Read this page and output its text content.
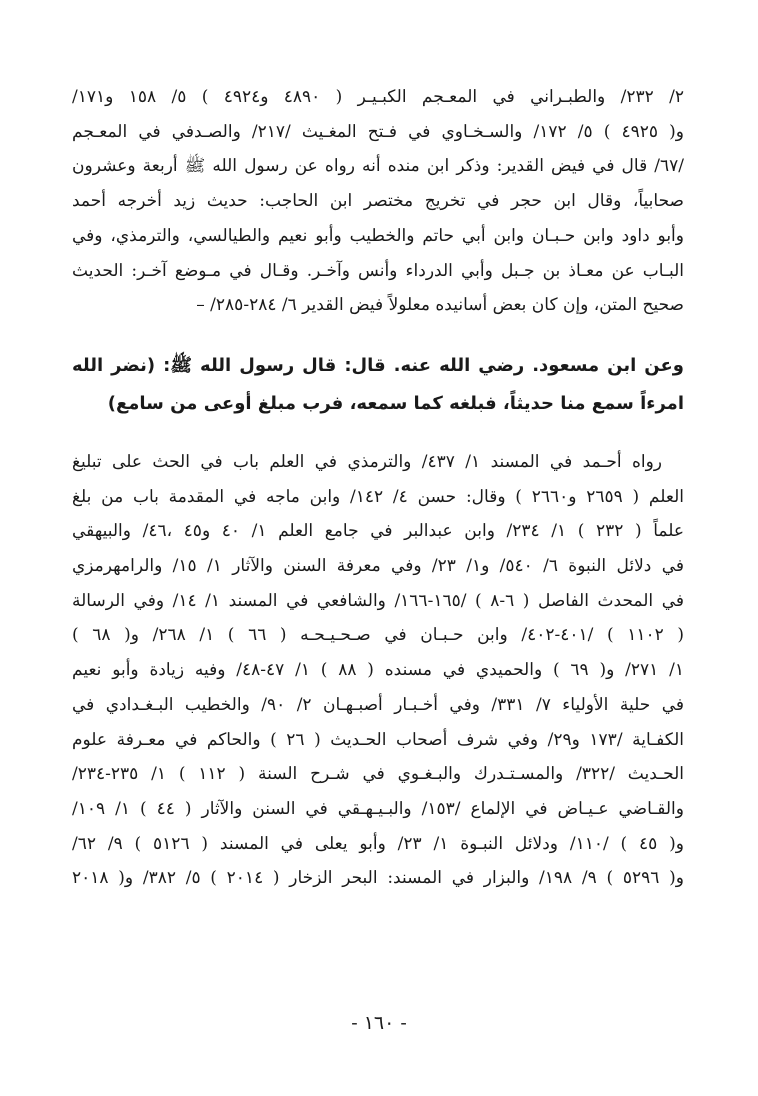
٢/ ٢٣٢/ والطبـراني في المعـجم الكبـيـر ( ٤٨٩٠ و٤٩٢٤ ) ٥/ ١٥٨ و١٧١/
و( ٤٩٢٥ ) ٥/ ١٧٢/ والسـخـاوي في فـتح المغـيث /٢١٧/ والصـدفي في المعـجم
/٦٧/ قال في فيض القدير: وذكر ابن منده أنه رواه عن رسول الله ﷺ أربعة وعشرون
صحابياً، وقال ابن حجر في تخريج مختصر ابن الحاجب: حديث زيد أخرجه أحمد
وأبو داود وابن حـبـان وابن أبي حاتم والخطيب وأبو نعيم والطيالسي، والترمذي، وفي
البـاب عن معـاذ بن جـبل وأبي الدرداء وأنس وآخـر. وقـال في مـوضع آخـر: الحديث
صحيح المتن، وإن كان بعض أسانيده معلولاً فيض القدير ٦/ ٢٨٤-٢٨٥/ –
وعن ابن مسعود. رضي الله عنه. قال: قال رسول الله ﷺ: (نضر الله
امرءاً سمع منا حديثاً، فبلغه كما سمعه، فرب مبلغ أوعى من سامع)
رواه أحـمد في المسند ١/ ٤٣٧/ والترمذي في العلم باب في الحث على تبليغ
العلم ( ٢٦٥٩ و٢٦٦٠ ) وقال: حسن ٤/ ١٤٢/ وابن ماجه في المقدمة باب من بلغ
علماً ( ٢٣٢ ) ١/ ٢٣٤/ وابن عبدالبر في جامع العلم ١/ ٤٠ و٤٥ ،٤٦/ والبيهقي
في دلائل النبوة ٦/ ٥٤٠/ و١/ ٢٣/ وفي معرفة السنن والآثار ١/ ١٥/ والرامهرمزي
في المحدث الفاصل ( ٦-٨ ) /١٦٥-١٦٦/ والشافعي في المسند ١/ ١٤/ وفي الرسالة
( ١١٠٢ ) /٤٠١-٤٠٢/ وابن حـبـان في صـحـيـحـه ( ٦٦ ) ١/ ٢٦٨/ و( ٦٨ )
١/ ٢٧١/ و( ٦٩ ) والحميدي في مسنده ( ٨٨ ) ١/ ٤٧-٤٨/ وفيه زيادة وأبو نعيم
في حلية الأولياء ٧/ ٣٣١/ وفي أخـبـار أصبـهـان ٢/ ٩٠/ والخطيب البـغـدادي في
الكفـاية /١٧٣ و٢٩/ وفي شرف أصحاب الحـديث ( ٢٦ ) والحاكم في معـرفة علوم
الحـديث /٣٢٢/ والمسـتـدرك والبـغـوي في شـرح السنة ( ١١٢ ) ١/ ٢٣٥-٢٣٤/
والقـاضي عـيـاض في الإلماع /١٥٣/ والبـيـهـقي في السنن والآثار ( ٤٤ ) ١/ ١٠٩/
و( ٤٥ ) /١١٠/ ودلائل النبـوة ١/ ٢٣/ وأبو يعلى في المسند ( ٥١٢٦ ) ٩/ ٦٢/
و( ٥٢٩٦ ) ٩/ ١٩٨/ والبزار في المسند: البحر الزخار ( ٢٠١٤ ) ٥/ ٣٨٢/ و( ٢٠١٨
- ١٦٠ -
